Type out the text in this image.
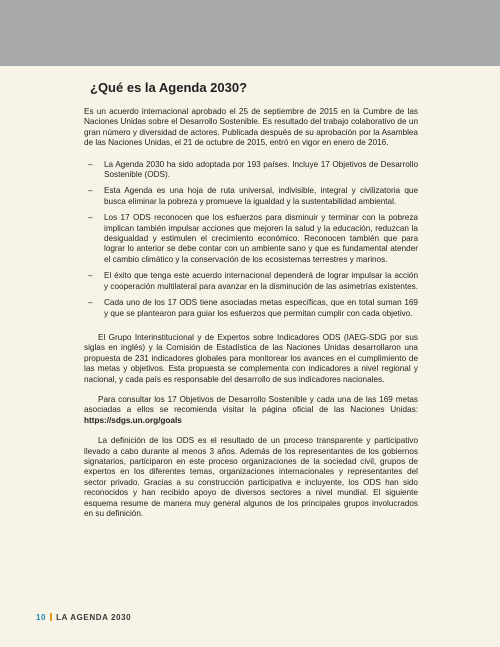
¿Qué es la Agenda 2030?

Es un acuerdo internacional aprobado el 25 de septiembre de 2015 en la Cumbre de las Naciones Unidas sobre el Desarrollo Sostenible. Es resultado del trabajo colaborativo de un gran número y diversidad de actores. Publicada después de su aprobación por la Asamblea de las Naciones Unidas, el 21 de octubre de 2015, entró en vigor en enero de 2016.

– La Agenda 2030 ha sido adoptada por 193 países. Incluye 17 Objetivos de Desarrollo Sostenible (ODS).
– Esta Agenda es una hoja de ruta universal, indivisible, integral y civilizatoria que busca eliminar la pobreza y promueve la igualdad y la sustentabilidad ambiental.
– Los 17 ODS reconocen que los esfuerzos para disminuir y terminar con la pobreza implican también impulsar acciones que mejoren la salud y la educación, reduzcan la desigualdad y estimulen el crecimiento económico. Reconocen también que para lograr lo anterior se debe contar con un ambiente sano y que es fundamental atender el cambio climático y la conservación de los ecosistemas terrestres y marinos.
– El éxito que tenga este acuerdo internacional dependerá de lograr impulsar la acción y cooperación multilateral para avanzar en la disminución de las asimetrías existentes.
– Cada uno de los 17 ODS tiene asociadas metas específicas, que en total suman 169 y que se plantearon para guiar los esfuerzos que permitan cumplir con cada objetivo.

El Grupo Interinstitucional y de Expertos sobre Indicadores ODS (IAEG-SDG por sus siglas en inglés) y la Comisión de Estadística de las Naciones Unidas desarrollaron una propuesta de 231 indicadores globales para monitorear los avances en el cumplimiento de las metas y objetivos. Esta propuesta se complementa con indicadores a nivel regional y nacional, y cada país es responsable del desarrollo de sus indicadores nacionales.

Para consultar los 17 Objetivos de Desarrollo Sostenible y cada una de las 169 metas asociadas a ellos se recomienda visitar la página oficial de las Naciones Unidas: https://sdgs.un.org/goals

La definición de los ODS es el resultado de un proceso transparente y participativo llevado a cabo durante al menos 3 años. Además de los representantes de los gobiernos signatarios, participaron en este proceso organizaciones de la sociedad civil, grupos de expertos en los diferentes temas, organizaciones internacionales y representantes del sector privado. Gracias a su construcción participativa e incluyente, los ODS han sido reconocidos y han recibido apoyo de diversos sectores a nivel mundial. El siguiente esquema resume de manera muy general algunos de los principales grupos involucrados en su definición.

10 LA AGENDA 2030
